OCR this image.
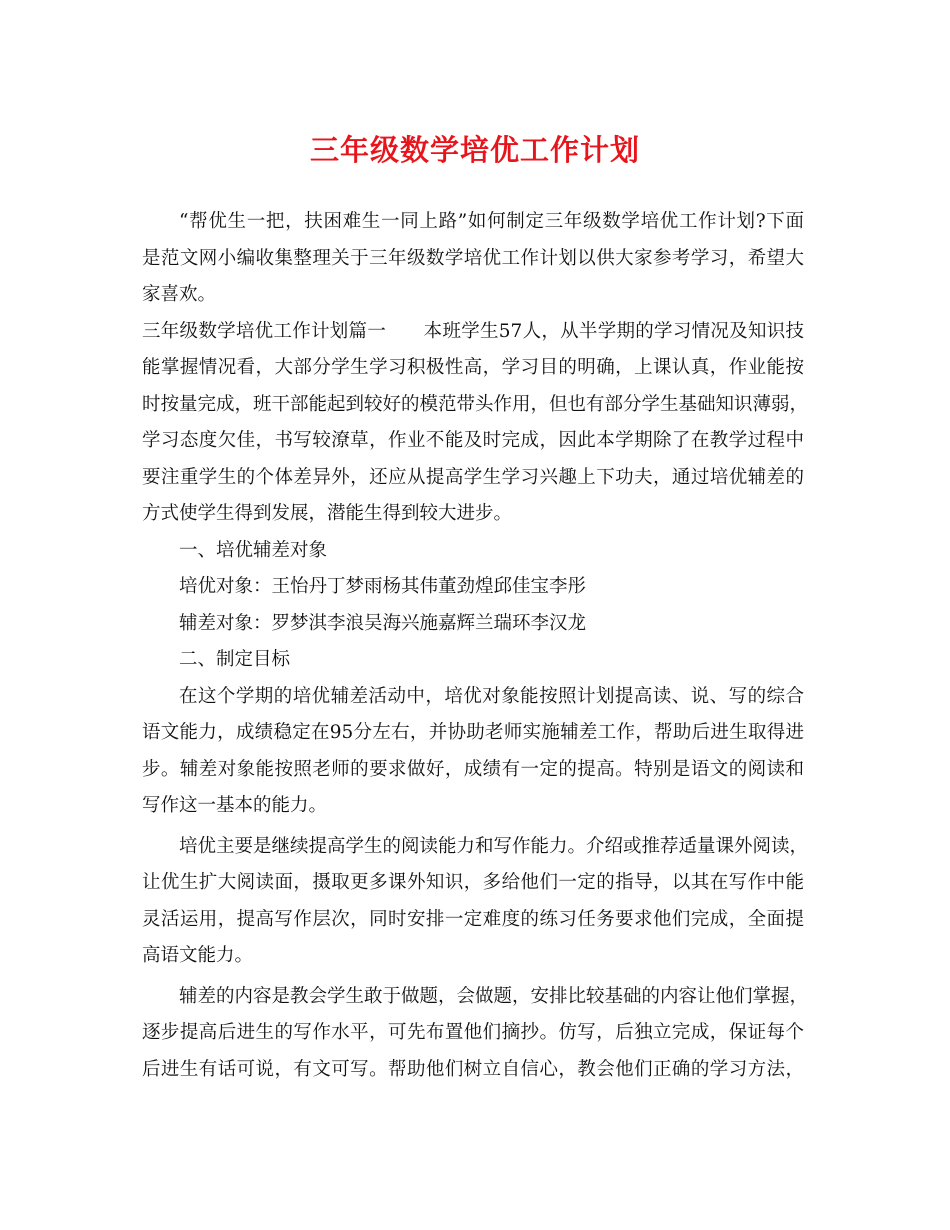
三年级数学培优工作计划
“帮优生一把，扶困难生一同上路”如何制定三年级数学培优工作计划?下面
是范文网小编收集整理关于三年级数学培优工作计划以供大家参考学习，希望大
家喜欢。
三年级数学培优工作计划篇一　　本班学生57人，从半学期的学习情况及知识技
能掌握情况看，大部分学生学习积极性高，学习目的明确，上课认真，作业能按
时按量完成，班干部能起到较好的模范带头作用，但也有部分学生基础知识薄弱，
学习态度欠佳，书写较潦草，作业不能及时完成，因此本学期除了在教学过程中
要注重学生的个体差异外，还应从提高学生学习兴趣上下功夫，通过培优辅差的
方式使学生得到发展，潜能生得到较大进步。
一、培优辅差对象
培优对象：王怡丹丁梦雨杨其伟董劲煌邱佳宝李彤
辅差对象：罗梦淇李浪吴海兴施嘉辉兰瑞环李汉龙
二、制定目标
在这个学期的培优辅差活动中，培优对象能按照计划提高读、说、写的综合
语文能力，成绩稳定在95分左右，并协助老师实施辅差工作，帮助后进生取得进
步。辅差对象能按照老师的要求做好，成绩有一定的提高。特别是语文的阅读和
写作这一基本的能力。
培优主要是继续提高学生的阅读能力和写作能力。介绍或推荐适量课外阅读，
让优生扩大阅读面，摄取更多课外知识，多给他们一定的指导，以其在写作中能
灵活运用，提高写作层次，同时安排一定难度的练习任务要求他们完成，全面提
高语文能力。
辅差的内容是教会学生敢于做题，会做题，安排比较基础的内容让他们掌握，
逐步提高后进生的写作水平，可先布置他们摘抄。仿写，后独立完成，保证每个
后进生有话可说，有文可写。帮助他们树立自信心，教会他们正确的学习方法，
